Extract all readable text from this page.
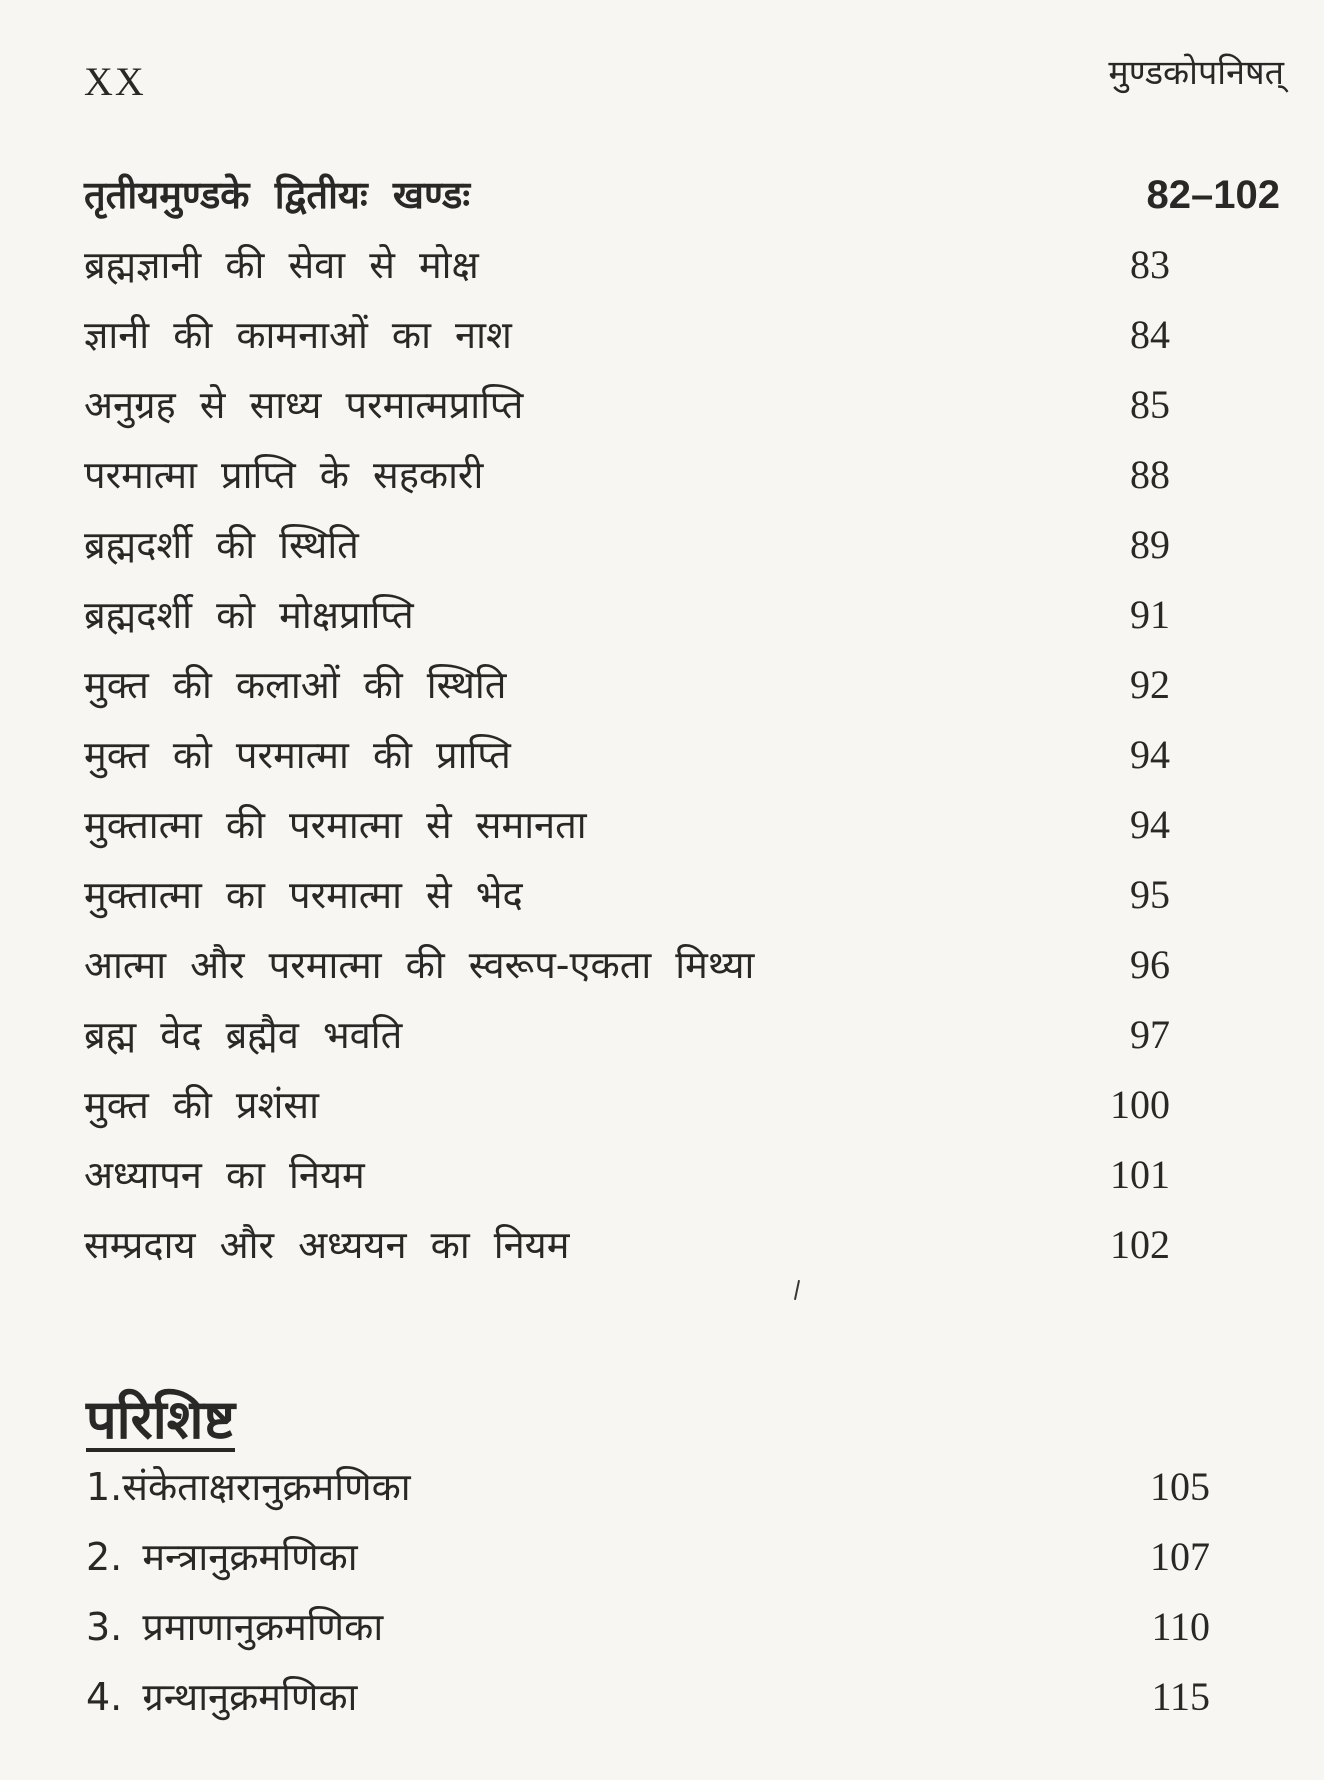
XX	मुण्डकोपनिषत्
तृतीयमुण्डके द्वितीयः खण्डः	82–102
ब्रह्मज्ञानी की सेवा से मोक्ष	83
ज्ञानी की कामनाओं का नाश	84
अनुग्रह से साध्य परमात्मप्राप्ति	85
परमात्मा प्राप्ति के सहकारी	88
ब्रह्मदर्शी की स्थिति	89
ब्रह्मदर्शी को मोक्षप्राप्ति	91
मुक्त की कलाओं की स्थिति	92
मुक्त को परमात्मा की प्राप्ति	94
मुक्तात्मा की परमात्मा से समानता	94
मुक्तात्मा का परमात्मा से भेद	95
आत्मा और परमात्मा की स्वरूप-एकता मिथ्या	96
ब्रह्म वेद ब्रह्मैव भवति	97
मुक्त की प्रशंसा	100
अध्यापन का नियम	101
सम्प्रदाय और अध्ययन का नियम	102
परिशिष्ट
1.संकेताक्षरानुक्रमणिका	105
2. मन्त्रानुक्रमणिका	107
3. प्रमाणानुक्रमणिका	110
4. ग्रन्थानुक्रमणिका	115
